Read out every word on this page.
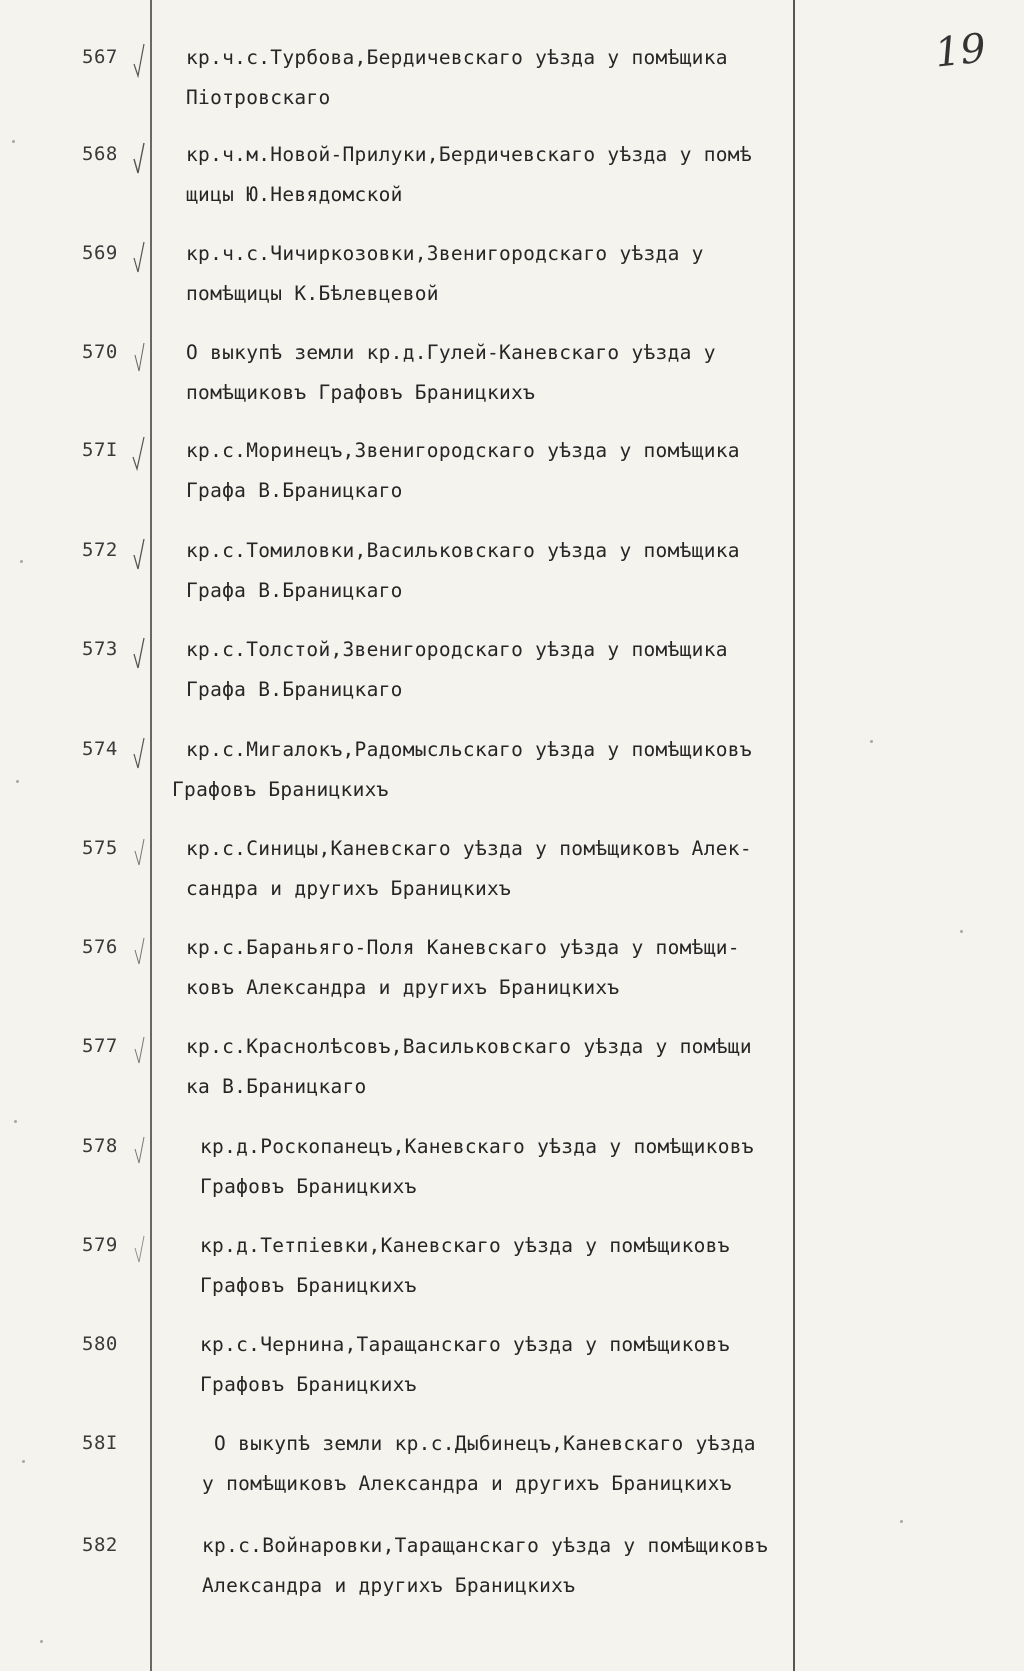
19
567	кр.ч.с.Турбова,Бердичевскаго уѣзда у помѣщика
Піотровскаго
568	кр.ч.м.Новой-Прилуки,Бердичевскаго уѣзда у помѣ
щицы Ю.Невядомской
569	кр.ч.с.Чичиркозовки,Звенигородскаго уѣзда у
помѣщицы К.Бѣлевцевой
570	О выкупѣ земли кр.д.Гулей-Каневскаго уѣзда у
помѣщиковъ Графовъ Браницкихъ
57I	кр.с.Моринецъ,Звенигородскаго уѣзда у помѣщика
Графа В.Браницкаго
572	кр.с.Томиловки,Васильковскаго уѣзда у помѣщика
Графа В.Браницкаго
573	кр.с.Толстой,Звенигородскаго уѣзда у помѣщика
Графа В.Браницкаго
574	кр.с.Мигалокъ,Радомысльскаго уѣзда у помѣщиковъ
Графовъ Браницкихъ
575	кр.с.Синицы,Каневскаго уѣзда у помѣщиковъ Алек-
сандра и другихъ Браницкихъ
576	кр.с.Бараньяго-Поля Каневскаго уѣзда у помѣщи-
ковъ Александра и другихъ Браницкихъ
577	кр.с.Краснолѣсовъ,Васильковскаго уѣзда у помѣщи
ка В.Браницкаго
578	кр.д.Роскопанецъ,Каневскаго уѣзда у помѣщиковъ
Графовъ Браницкихъ
579	кр.д.Тетпіевки,Каневскаго уѣзда у помѣщиковъ
Графовъ Браницкихъ
580	кр.с.Чернина,Таращанскаго уѣзда у помѣщиковъ
Графовъ Браницкихъ
58I	О выкупѣ земли кр.с.Дыбинецъ,Каневскаго уѣзда
у помѣщиковъ Александра и другихъ Браницкихъ
582	кр.с.Войнаровки,Таращанскаго уѣзда у помѣщиковъ
Александра и другихъ Браницкихъ
